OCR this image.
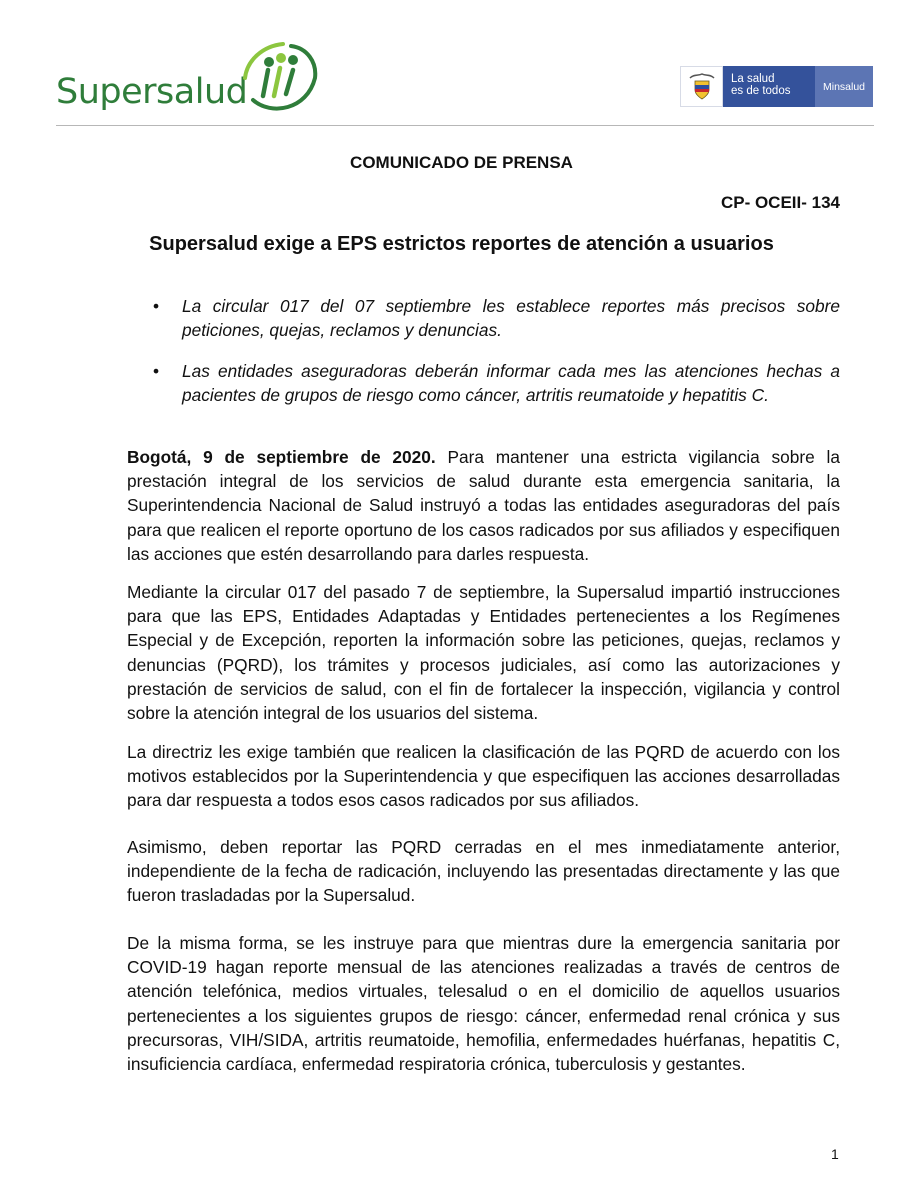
Supersalud	La salud
es de todos	Minsalud
COMUNICADO DE PRENSA
CP- OCEII- 134
Supersalud exige a EPS estrictos reportes de atención a usuarios
• La circular 017 del 07 septiembre les establece reportes más precisos sobre peticiones, quejas, reclamos y denuncias.
• Las entidades aseguradoras deberán informar cada mes las atenciones hechas a pacientes de grupos de riesgo como cáncer, artritis reumatoide y hepatitis C.

Bogotá, 9 de septiembre de 2020. Para mantener una estricta vigilancia sobre la prestación integral de los servicios de salud durante esta emergencia sanitaria, la Superintendencia Nacional de Salud instruyó a todas las entidades aseguradoras del país para que realicen el reporte oportuno de los casos radicados por sus afiliados y especifiquen las acciones que estén desarrollando para darles respuesta.

Mediante la circular 017 del pasado 7 de septiembre, la Supersalud impartió instrucciones para que las EPS, Entidades Adaptadas y Entidades pertenecientes a los Regímenes Especial y de Excepción, reporten la información sobre las peticiones, quejas, reclamos y denuncias (PQRD), los trámites y procesos judiciales, así como las autorizaciones y prestación de servicios de salud, con el fin de fortalecer la inspección, vigilancia y control sobre la atención integral de los usuarios del sistema.

La directriz les exige también que realicen la clasificación de las PQRD de acuerdo con los motivos establecidos por la Superintendencia y que especifiquen las acciones desarrolladas para dar respuesta a todos esos casos radicados por sus afiliados.

Asimismo, deben reportar las PQRD cerradas en el mes inmediatamente anterior, independiente de la fecha de radicación, incluyendo las presentadas directamente y las que fueron trasladadas por la Supersalud.

De la misma forma, se les instruye para que mientras dure la emergencia sanitaria por COVID-19 hagan reporte mensual de las atenciones realizadas a través de centros de atención telefónica, medios virtuales, telesalud o en el domicilio de aquellos usuarios pertenecientes a los siguientes grupos de riesgo: cáncer, enfermedad renal crónica y sus precursoras, VIH/SIDA, artritis reumatoide, hemofilia, enfermedades huérfanas, hepatitis C, insuficiencia cardíaca, enfermedad respiratoria crónica, tuberculosis y gestantes.

1
